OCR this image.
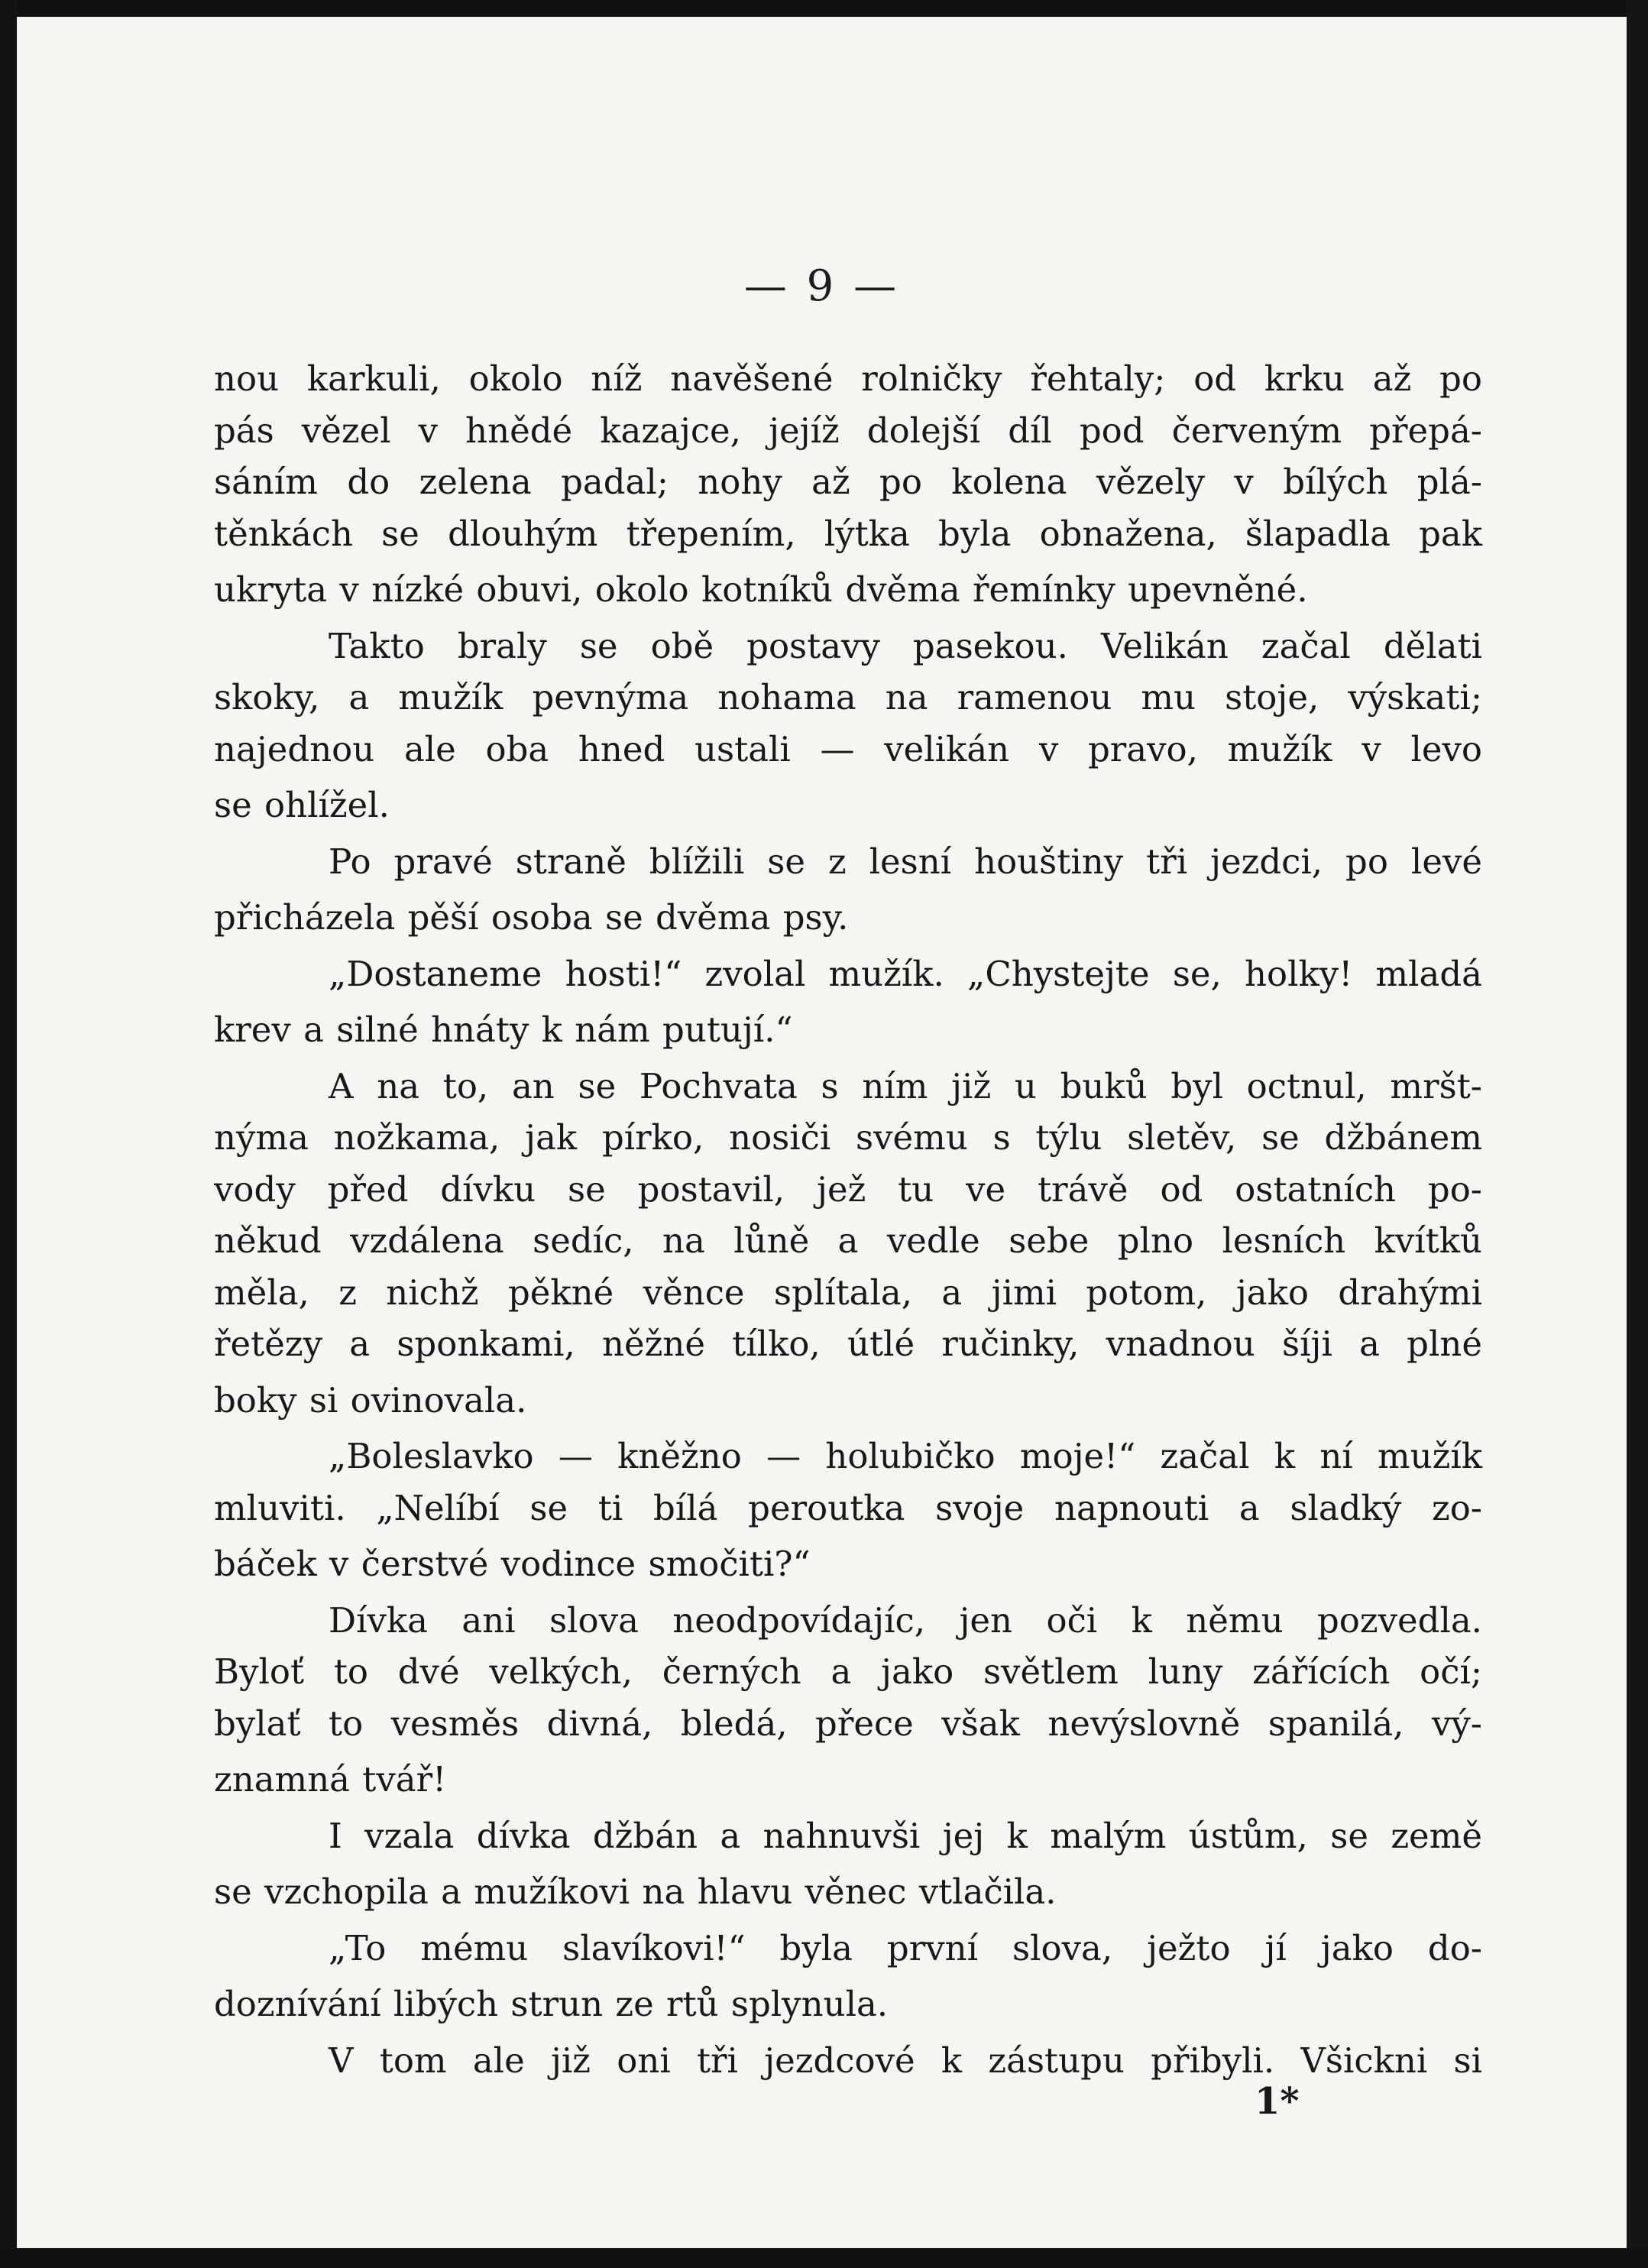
— 9 —

nou karkuli, okolo níž navěšené rolničky řehtaly; od krku až po
pás vězel v hnědé kazajce, jejíž dolejší díl pod červeným přepá-
sáním do zelena padal; nohy až po kolena vězely v bílých plá-
těnkách se dlouhým třepením, lýtka byla obnažena, šlapadla pak

ukryta v nízké obuvi, okolo kotníků dvěma řemínky upevněné.

Takto braly se obě postavy pasekou. Velikán začal dělati
skoky, a mužík pevnýma nohama na ramenou mu stoje, výskati;
najednou ale oba hned ustali — velikán v pravo, mužík v levo

se ohlížel.

Po pravé straně blížili se z lesní houštiny tři jezdci, po levé

přicházela pěší osoba se dvěma psy.

„Dostaneme hosti!“ zvolal mužík. „Chystejte se, holky! mladá

krev a silné hnáty k nám putují.“

A na to, an se Pochvata s ním již u buků byl octnul, mršt-
nýma nožkama, jak pírko, nosiči svému s týlu sletěv, se džbánem
vody před dívku se postavil, jež tu ve trávě od ostatních po-
někud vzdálena sedíc, na lůně a vedle sebe plno lesních kvítků
měla, z nichž pěkné věnce splítala, a jimi potom, jako drahými
řetězy a sponkami, něžné tílko, útlé ručinky, vnadnou šíji a plné

boky si ovinovala.

„Boleslavko — kněžno — holubičko moje!“ začal k ní mužík
mluviti. „Nelíbí se ti bílá peroutka svoje napnouti a sladký zo-

báček v čerstvé vodince smočiti?“

Dívka ani slova neodpovídajíc, jen oči k němu pozvedla.
Byloť to dvé velkých, černých a jako světlem luny zářících očí;
bylať to vesměs divná, bledá, přece však nevýslovně spanilá, vý-

znamná tvář!

I vzala dívka džbán a nahnuvši jej k malým ústům, se země

se vzchopila a mužíkovi na hlavu věnec vtlačila.

„To mému slavíkovi!“ byla první slova, ježto jí jako do-

doznívání libých strun ze rtů splynula.

V tom ale již oni tři jezdcové k zástupu přibyli. Všickni si

1*
